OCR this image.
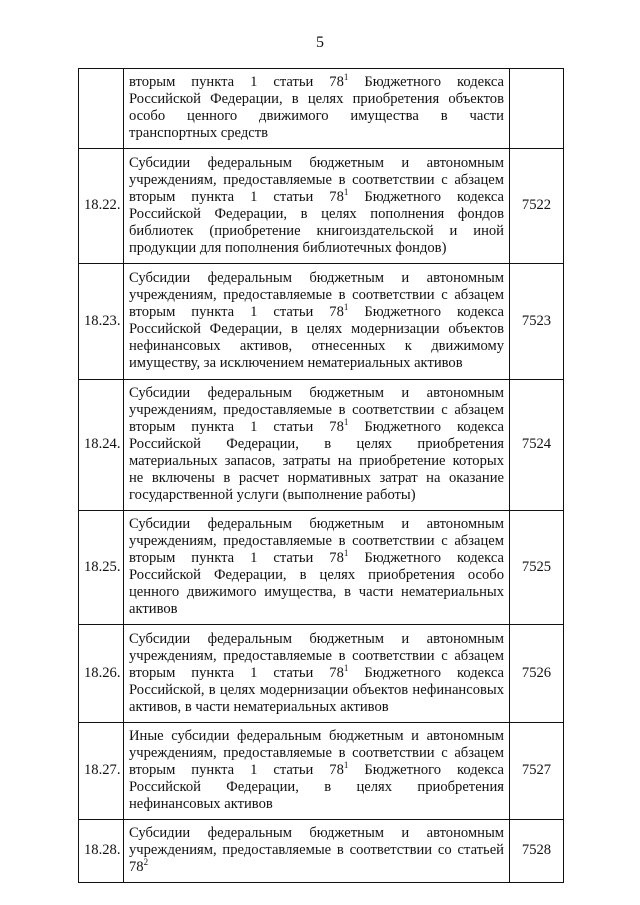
5
	вторым пункта 1 статьи $78^1$ Бюджетного кодекса Российской Федерации, в целях приобретения объектов особо ценного движимого имущества в части транспортных средств	
18.22.	Субсидии федеральным бюджетным и автономным учреждениям, предоставляемые в соответствии с абзацем вторым пункта 1 статьи $78^1$ Бюджетного кодекса Российской Федерации, в целях пополнения фондов библиотек (приобретение книгоиздательской и иной продукции для пополнения библиотечных фондов)	7522
18.23.	Субсидии федеральным бюджетным и автономным учреждениям, предоставляемые в соответствии с абзацем вторым пункта 1 статьи $78^1$ Бюджетного кодекса Российской Федерации, в целях модернизации объектов нефинансовых активов, отнесенных к движимому имуществу, за исключением нематериальных активов	7523
18.24.	Субсидии федеральным бюджетным и автономным учреждениям, предоставляемые в соответствии с абзацем вторым пункта 1 статьи $78^1$ Бюджетного кодекса Российской Федерации, в целях приобретения материальных запасов, затраты на приобретение которых не включены в расчет нормативных затрат на оказание государственной услуги (выполнение работы)	7524
18.25.	Субсидии федеральным бюджетным и автономным учреждениям, предоставляемые в соответствии с абзацем вторым пункта 1 статьи $78^1$ Бюджетного кодекса Российской Федерации, в целях приобретения особо ценного движимого имущества, в части нематериальных активов	7525
18.26.	Субсидии федеральным бюджетным и автономным учреждениям, предоставляемые в соответствии с абзацем вторым пункта 1 статьи $78^1$ Бюджетного кодекса Российской, в целях модернизации объектов нефинансовых активов, в части нематериальных активов	7526
18.27.	Иные субсидии федеральным бюджетным и автономным учреждениям, предоставляемые в соответствии с абзацем вторым пункта 1 статьи $78^1$ Бюджетного кодекса Российской Федерации, в целях приобретения нефинансовых активов	7527
18.28.	Субсидии федеральным бюджетным и автономным учреждениям, предоставляемые в соответствии со статьей $78^2$	7528
